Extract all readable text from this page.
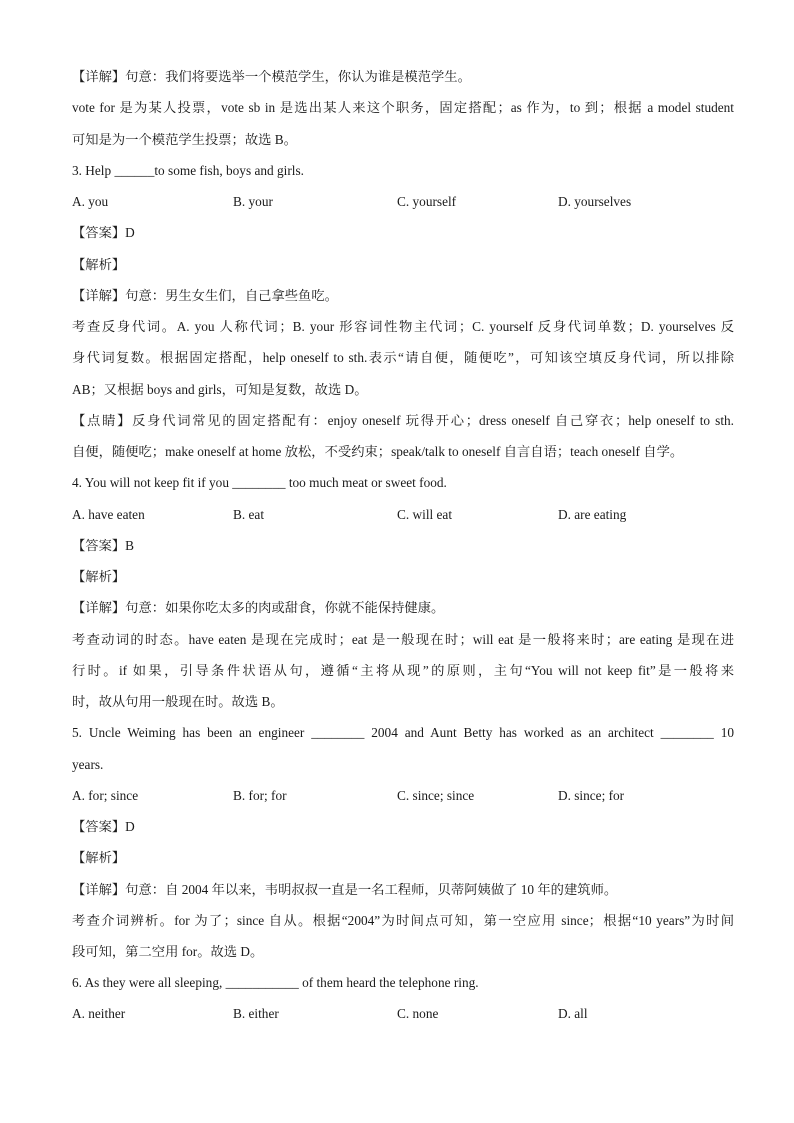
【详解】句意：我们将要选举一个模范学生，你认为谁是模范学生。
vote for 是为某人投票，vote sb in 是选出某人来这个职务，固定搭配；as 作为，to 到；根据 a model student
可知是为一个模范学生投票；故选 B。
3. Help ______to some fish, boys and girls.
A. you	B. your	C. yourself	D. yourselves
【答案】D
【解析】
【详解】句意：男生女生们，自己拿些鱼吃。
考查反身代词。A. you 人称代词；B. your 形容词性物主代词；C. yourself 反身代词单数；D. yourselves 反
身代词复数。根据固定搭配，help oneself to sth.表示“请自便，随便吃”，可知该空填反身代词，所以排除
AB；又根据 boys and girls，可知是复数，故选 D。
【点睛】反身代词常见的固定搭配有：enjoy oneself 玩得开心；dress oneself 自己穿衣；help oneself to sth.
自便，随便吃；make oneself at home 放松，不受约束；speak/talk to oneself 自言自语；teach oneself 自学。
4. You will not keep fit if you ________ too much meat or sweet food.
A. have eaten	B. eat	C. will eat	D. are eating
【答案】B
【解析】
【详解】句意：如果你吃太多的肉或甜食，你就不能保持健康。
考查动词的时态。have eaten 是现在完成时；eat 是一般现在时；will eat 是一般将来时；are eating 是现在进
行时。if 如果，引导条件状语从句，遵循“主将从现”的原则，主句“You will not keep fit”是一般将来
时，故从句用一般现在时。故选 B。
5. Uncle Weiming has been an engineer ________ 2004 and Aunt Betty has worked as an architect ________ 10
years.
A. for; since	B. for; for	C. since; since	D. since; for
【答案】D
【解析】
【详解】句意：自 2004 年以来，韦明叔叔一直是一名工程师，贝蒂阿姨做了 10 年的建筑师。
考查介词辨析。for 为了；since 自从。根据“2004”为时间点可知，第一空应用 since；根据“10 years”为时间
段可知，第二空用 for。故选 D。
6. As they were all sleeping, ___________ of them heard the telephone ring.
A. neither	B. either	C. none	D. all
